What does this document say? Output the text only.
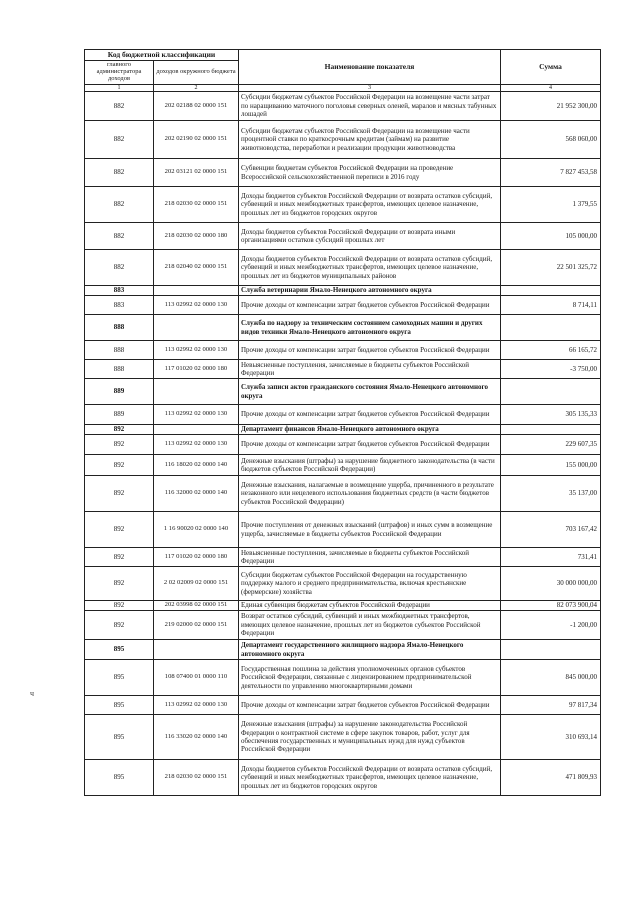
Код бюджетной классификации		Наименование показателя	Сумма
главного администратора доходов	доходов окружного бюджета		
1	2	3	4
882	202 02188 02 0000 151	Субсидии бюджетам субъектов Российской Федерации на возмещение части затрат по наращиванию маточного поголовья северных оленей, маралов и мясных табунных лошадей	21 952 300,00
882	202 02190 02 0000 151	Субсидии бюджетам субъектов Российской Федерации на возмещение части процентной ставки по краткосрочным кредитам (займам) на развитие животноводства, переработки и реализации продукции животноводства	568 060,00
882	202 03121 02 0000 151	Субвенции бюджетам субъектов Российской Федерации на проведение Всероссийской сельскохозяйственной переписи в 2016 году	7 827 453,58
882	218 02030 02 0000 151	Доходы бюджетов субъектов Российской Федерации от возврата остатков субсидий, субвенций и иных межбюджетных трансфертов, имеющих целевое назначение, прошлых лет из бюджетов городских округов	1 379,55
882	218 02030 02 0000 180	Доходы бюджетов субъектов Российской Федерации от возврата иными организациями остатков субсидий прошлых лет	105 000,00
882	218 02040 02 0000 151	Доходы бюджетов субъектов Российской Федерации от возврата остатков субсидий, субвенций и иных межбюджетных трансфертов, имеющих целевое назначение, прошлых лет из бюджетов муниципальных районов	22 501 325,72
883		Служба ветеринарии Ямало-Ненецкого автономного округа	
883	113 02992 02 0000 130	Прочие доходы от компенсации затрат бюджетов субъектов Российской Федерации	8 714,11
888		Служба по надзору за техническим состоянием самоходных машин и других видов техники Ямало-Ненецкого автономного округа	
888	113 02992 02 0000 130	Прочие доходы от компенсации затрат бюджетов субъектов Российской Федерации	66 165,72
888	117 01020 02 0000 180	Невыясненные поступления, зачисляемые в бюджеты субъектов Российской Федерации	-3 750,00
889		Служба записи актов гражданского состояния Ямало-Ненецкого автономного округа	
889	113 02992 02 0000 130	Прочие доходы от компенсации затрат бюджетов субъектов Российской Федерации	305 135,33
892		Департамент финансов Ямало-Ненецкого автономного округа	
892	113 02992 02 0000 130	Прочие доходы от компенсации затрат бюджетов субъектов Российской Федерации	229 607,35
892	116 18020 02 0000 140	Денежные взыскания (штрафы) за нарушение бюджетного законодательства (в части бюджетов субъектов Российской Федерации)	155 000,00
892	116 32000 02 0000 140	Денежные взыскания, налагаемые в возмещение ущерба, причиненного в результате незаконного или нецелевого использования бюджетных средств (в части бюджетов субъектов Российской Федерации)	35 137,00
892	1 16 90020 02 0000 140	Прочие поступления от денежных взысканий (штрафов) и иных сумм в возмещение ущерба, зачисляемые в бюджеты субъектов Российской Федерации	703 167,42
892	117 01020 02 0000 180	Невыясненные поступления, зачисляемые в бюджеты субъектов Российской Федерации	731,41
892	2 02 02009 02 0000 151	Субсидии бюджетам субъектов Российской Федерации на государственную поддержку малого и среднего предпринимательства, включая крестьянские (фермерские) хозяйства	30 000 000,00
892	202 03998 02 0000 151	Единая субвенция бюджетам субъектов Российской Федерации	82 073 900,04
892	219 02000 02 0000 151	Возврат остатков субсидий, субвенций и иных межбюджетных трансфертов, имеющих целевое назначение, прошлых лет из бюджетов субъектов Российской Федерации	-1 200,00
895		Департамент государственного жилищного надзора Ямало-Ненецкого автономного округа	
895	108 07400 01 0000 110	Государственная пошлина за действия уполномоченных органов субъектов Российской Федерации, связанные с лицензированием предпринимательской деятельности по управлению многоквартирными домами	845 000,00
895	113 02992 02 0000 130	Прочие доходы от компенсации затрат бюджетов субъектов Российской Федерации	97 817,34
895	116 33020 02 0000 140	Денежные взыскания (штрафы) за нарушение законодательства Российской Федерации о контрактной системе в сфере закупок товаров, работ, услуг для обеспечения государственных и муниципальных нужд для нужд субъектов Российской Федерации	310 693,14
895	218 02030 02 0000 151	Доходы бюджетов субъектов Российской Федерации от возврата остатков субсидий, субвенций и иных межбюджетных трансфертов, имеющих целевое назначение, прошлых лет из бюджетов городских округов	471 809,93
ч
